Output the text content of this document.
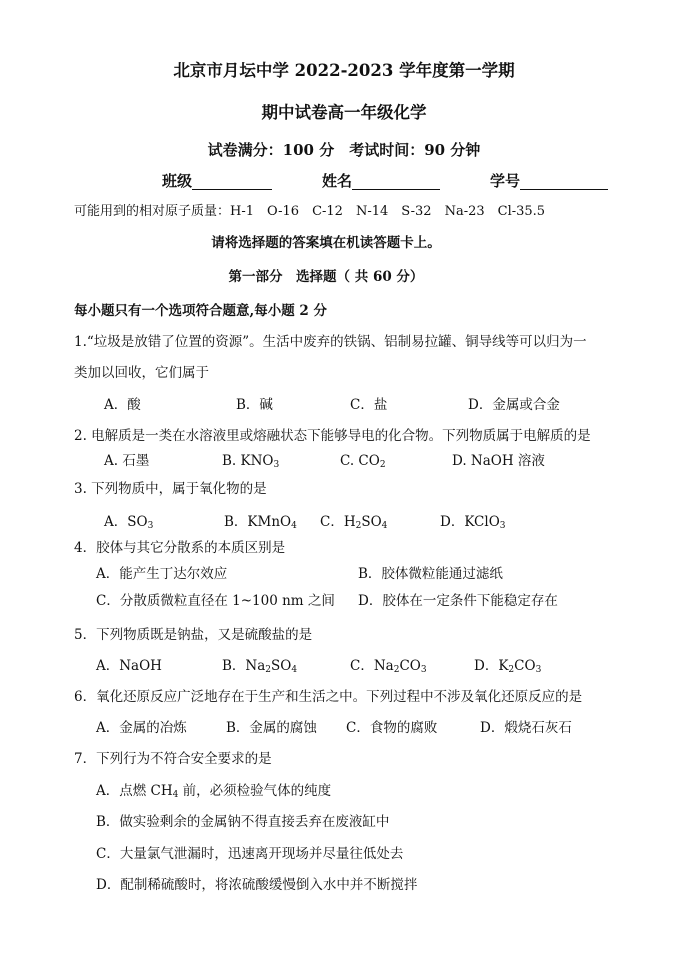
北京市月坛中学 2022-2023 学年度第一学期
期中试卷高一年级化学
试卷满分：100 分　考试时间：90 分钟
班级	姓名	学号
可能用到的相对原子质量：H-1　O-16　C-12　N-14　S-32　Na-23　Cl-35.5
请将选择题的答案填在机读答题卡上。
第一部分　选择题（ 共 60 分）
每小题只有一个选项符合题意,每小题 2 分
1.“垃圾是放错了位置的资源”。生活中废弃的铁锅、铝制易拉罐、铜导线等可以归为一
类加以回收，它们属于
A．酸	B．碱	C．盐	D．金属或合金
2. 电解质是一类在水溶液里或熔融状态下能够导电的化合物。下列物质属于电解质的是
A. 石墨	B. $KNO_3$	C. $CO_2$	D. NaOH 溶液
3. 下列物质中，属于氧化物的是
A．$SO_3$	B．KMnO$_4$ C．$H_2SO_4$	D．KClO$_3$
4．胶体与其它分散系的本质区别是
A．能产生丁达尔效应	B．胶体微粒能通过滤纸
C．分散质微粒直径在 1~100 nm 之间 D．胶体在一定条件下能稳定存在
5．下列物质既是钠盐，又是硫酸盐的是
A．NaOH	B．$Na_2SO_4$	C．$Na_2CO_3$	D．$K_2CO_3$
6．氧化还原反应广泛地存在于生产和生活之中。下列过程中不涉及氧化还原反应的是
A．金属的冶炼	B．金属的腐蚀 C．食物的腐败	D．煅烧石灰石
7．下列行为不符合安全要求的是
A．点燃 $CH_4$ 前，必须检验气体的纯度
B．做实验剩余的金属钠不得直接丢弃在废液缸中
C．大量氯气泄漏时，迅速离开现场并尽量往低处去
D．配制稀硫酸时，将浓硫酸缓慢倒入水中并不断搅拌
